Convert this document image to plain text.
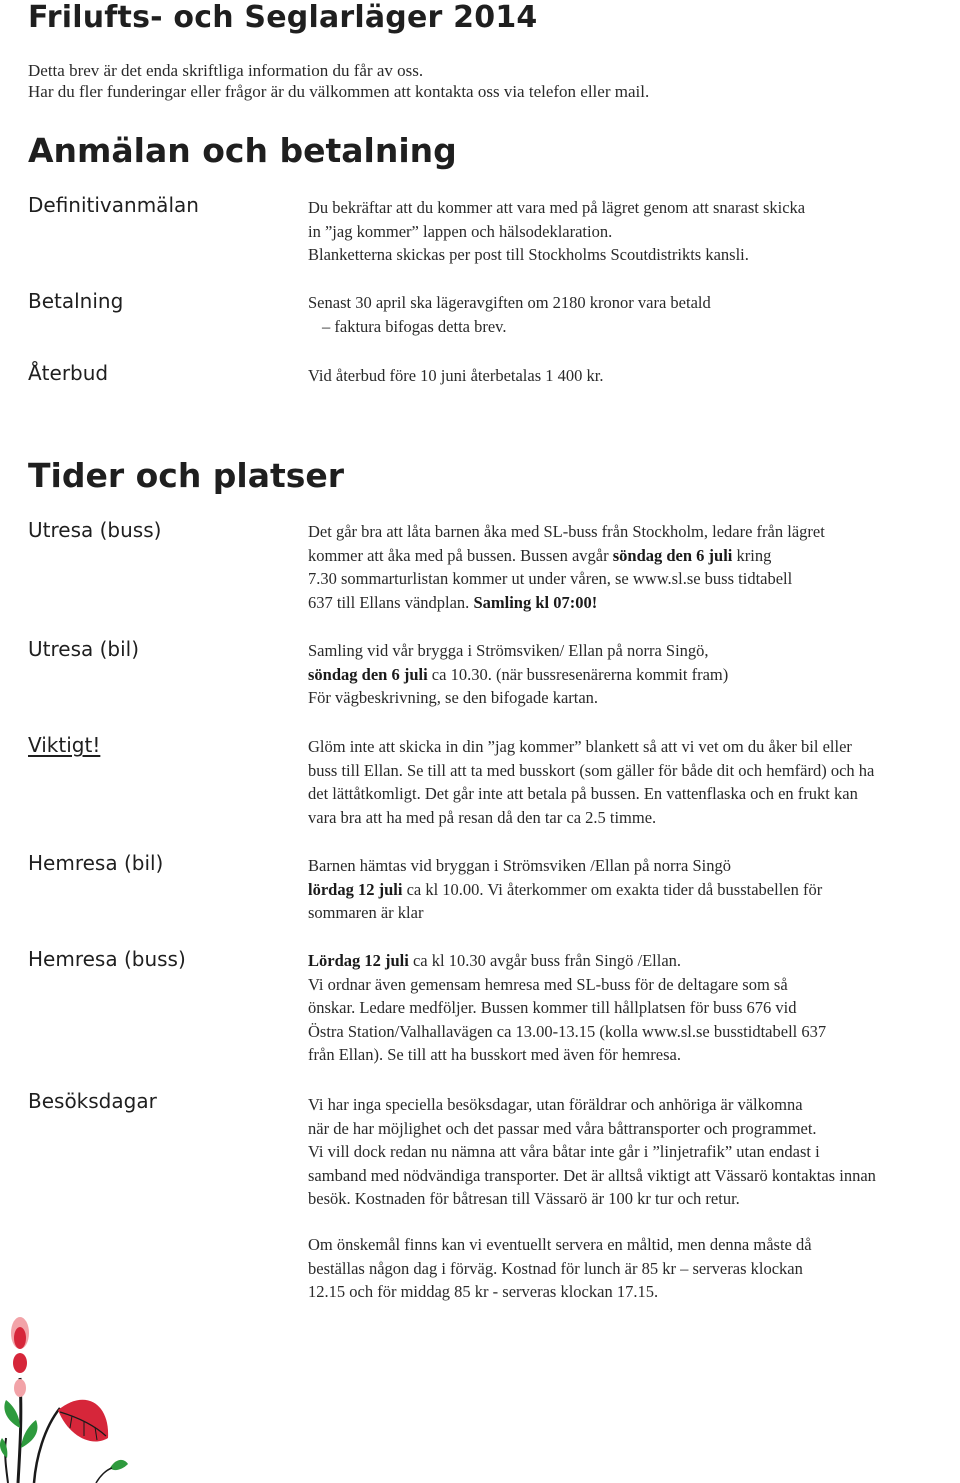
Frilufts- och Seglarläger 2014
Detta brev är det enda skriftliga information du får av oss.
Har du fler funderingar eller frågor är du välkommen att kontakta oss via telefon eller mail.
Anmälan och betalning
Definitivanmälan	Du bekräftar att du kommer att vara med på lägret genom att snarast skicka

in ”jag kommer” lappen och hälsodeklaration.

Blanketterna skickas per post till Stockholms Scoutdistrikts kansli.

Betalning	Senast 30 april ska lägeravgiften om 2180 kronor vara betald

– faktura bifogas detta brev.

Återbud	Vid återbud före 10 juni återbetalas 1 400 kr.

Tider och platser
Utresa (buss)	Det går bra att låta barnen åka med SL-buss från Stockholm, ledare från lägret

kommer att åka med på bussen. Bussen avgår söndag den 6 juli kring

7.30 sommarturlistan kommer ut under våren, se www.sl.se buss tidtabell

637 till Ellans vändplan. Samling kl 07:00!

Utresa (bil)	Samling vid vår brygga i Strömsviken/ Ellan på norra Singö,

söndag den 6 juli ca 10.30. (när bussresenärerna kommit fram)

För vägbeskrivning, se den bifogade kartan.

Viktigt!	Glöm inte att skicka in din ”jag kommer” blankett så att vi vet om du åker bil eller

buss till Ellan. Se till att ta med busskort (som gäller för både dit och hemfärd) och ha

det lättåtkomligt. Det går inte att betala på bussen. En vattenflaska och en frukt kan

vara bra att ha med på resan då den tar ca 2.5 timme.

Hemresa (bil)	Barnen hämtas vid bryggan i Strömsviken /Ellan på norra Singö

lördag 12 juli ca kl 10.00. Vi återkommer om exakta tider då busstabellen för

sommaren är klar

Hemresa (buss)	Lördag 12 juli ca kl 10.30 avgår buss från Singö /Ellan.

Vi ordnar även gemensam hemresa med SL-buss för de deltagare som så

önskar. Ledare medföljer. Bussen kommer till hållplatsen för buss 676 vid

Östra Station/Valhallavägen ca 13.00-13.15 (kolla www.sl.se busstidtabell 637

från Ellan). Se till att ha busskort med även för hemresa.

Besöksdagar	Vi har inga speciella besöksdagar, utan föräldrar och anhöriga är välkomna

när de har möjlighet och det passar med våra båttransporter och programmet.

Vi vill dock redan nu nämna att våra båtar inte går i ”linjetrafik” utan endast i

samband med nödvändiga transporter. Det är alltså viktigt att Vässarö kontaktas innan

besök. Kostnaden för båtresan till Vässarö är 100 kr tur och retur.

Om önskemål finns kan vi eventuellt servera en måltid, men denna måste då

beställas någon dag i förväg. Kostnad för lunch är 85 kr – serveras klockan

12.15 och för middag 85 kr - serveras klockan 17.15.
